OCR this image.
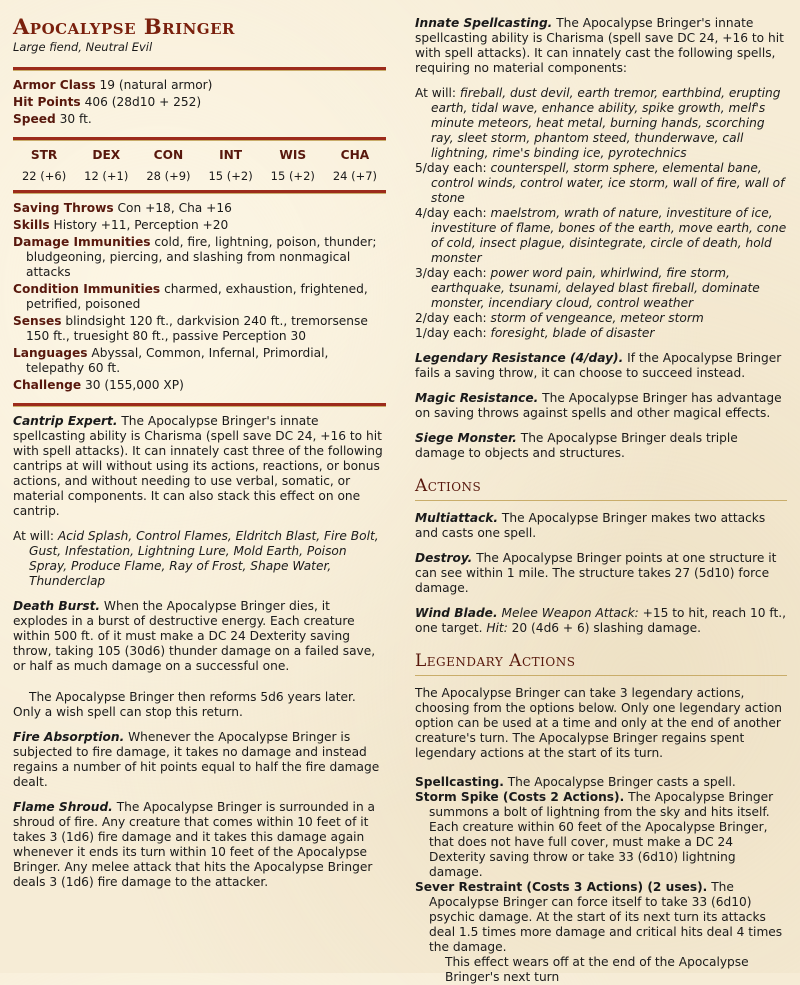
Apocalypse Bringer
Large fiend, Neutral Evil
Armor Class 19 (natural armor)
Hit Points 406 (28d10 + 252)
Speed 30 ft.
STR
22 (+6)
DEX
12 (+1)
CON
28 (+9)
INT
15 (+2)
WIS
15 (+2)
CHA
24 (+7)
Saving Throws Con +18, Cha +16
Skills History +11, Perception +20
Damage Immunities cold, fire, lightning, poison, thunder; bludgeoning, piercing, and slashing from nonmagical attacks
Condition Immunities charmed, exhaustion, frightened, petrified, poisoned
Senses blindsight 120 ft., darkvision 240 ft., tremorsense 150 ft., truesight 80 ft., passive Perception 30
Languages Abyssal, Common, Infernal, Primordial, telepathy 60 ft.
Challenge 30 (155,000 XP)

Cantrip Expert. The Apocalypse Bringer's innate spellcasting ability is Charisma (spell save DC 24, +16 to hit with spell attacks). It can innately cast three of the following cantrips at will without using its actions, reactions, or bonus actions, and without needing to use verbal, somatic, or material components. It can also stack this effect on one cantrip.

At will: Acid Splash, Control Flames, Eldritch Blast, Fire Bolt, Gust, Infestation, Lightning Lure, Mold Earth, Poison Spray, Produce Flame, Ray of Frost, Shape Water, Thunderclap

Death Burst. When the Apocalypse Bringer dies, it explodes in a burst of destructive energy. Each creature within 500 ft. of it must make a DC 24 Dexterity saving throw, taking 105 (30d6) thunder damage on a failed save, or half as much damage on a successful one.

The Apocalypse Bringer then reforms 5d6 years later. Only a wish spell can stop this return.

Fire Absorption. Whenever the Apocalypse Bringer is subjected to fire damage, it takes no damage and instead regains a number of hit points equal to half the fire damage dealt.

Flame Shroud. The Apocalypse Bringer is surrounded in a shroud of fire. Any creature that comes within 10 feet of it takes 3 (1d6) fire damage and it takes this damage again whenever it ends its turn within 10 feet of the Apocalypse Bringer. Any melee attack that hits the Apocalypse Bringer deals 3 (1d6) fire damage to the attacker.

Innate Spellcasting. The Apocalypse Bringer's innate spellcasting ability is Charisma (spell save DC 24, +16 to hit with spell attacks). It can innately cast the following spells, requiring no material components:

At will: fireball, dust devil, earth tremor, earthbind, erupting earth, tidal wave, enhance ability, spike growth, melf's minute meteors, heat metal, burning hands, scorching ray, sleet storm, phantom steed, thunderwave, call lightning, rime's binding ice, pyrotechnics
5/day each: counterspell, storm sphere, elemental bane, control winds, control water, ice storm, wall of fire, wall of stone
4/day each: maelstrom, wrath of nature, investiture of ice, investiture of flame, bones of the earth, move earth, cone of cold, insect plague, disintegrate, circle of death, hold monster
3/day each: power word pain, whirlwind, fire storm, earthquake, tsunami, delayed blast fireball, dominate monster, incendiary cloud, control weather
2/day each: storm of vengeance, meteor storm
1/day each: foresight, blade of disaster

Legendary Resistance (4/day). If the Apocalypse Bringer fails a saving throw, it can choose to succeed instead.

Magic Resistance. The Apocalypse Bringer has advantage on saving throws against spells and other magical effects.

Siege Monster. The Apocalypse Bringer deals triple damage to objects and structures.

Actions

Multiattack. The Apocalypse Bringer makes two attacks and casts one spell.

Destroy. The Apocalypse Bringer points at one structure it can see within 1 mile. The structure takes 27 (5d10) force damage.

Wind Blade. Melee Weapon Attack: +15 to hit, reach 10 ft., one target. Hit: 20 (4d6 + 6) slashing damage.

Legendary Actions

The Apocalypse Bringer can take 3 legendary actions, choosing from the options below. Only one legendary action option can be used at a time and only at the end of another creature's turn. The Apocalypse Bringer regains spent legendary actions at the start of its turn.

Spellcasting. The Apocalypse Bringer casts a spell.
Storm Spike (Costs 2 Actions). The Apocalypse Bringer summons a bolt of lightning from the sky and hits itself. Each creature within 60 feet of the Apocalypse Bringer, that does not have full cover, must make a DC 24 Dexterity saving throw or take 33 (6d10) lightning damage.
Sever Restraint (Costs 3 Actions) (2 uses). The Apocalypse Bringer can force itself to take 33 (6d10) psychic damage. At the start of its next turn its attacks deal 1.5 times more damage and critical hits deal 4 times the damage.
This effect wears off at the end of the Apocalypse Bringer's next turn
